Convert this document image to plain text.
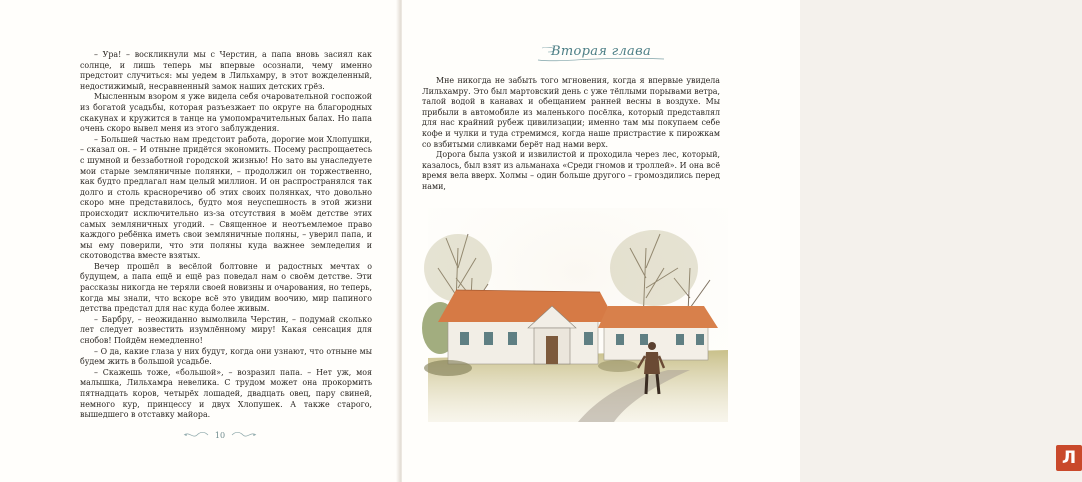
– Ура! – воскликнули мы с Черстин, а папа вновь засиял как солнце, и лишь теперь мы впервые осознали, чему именно предстоит случиться: мы уедем в Лильхамру, в этот вожделенный, недостижимый, несравненный замок наших детских грёз.

Мысленным взором я уже видела себя очаровательной госпожой из богатой усадьбы, которая разъезжает по округе на благородных скакунах и кружится в танце на умопомрачительных балах. Но папа очень скоро вывел меня из этого заблуждения.

– Большей частью нам предстоит работа, дорогие мои Хлопушки, – сказал он. – И отныне придётся экономить. Посему распрощаетесь с шумной и беззаботной городской жизнью! Но зато вы унаследуете мои старые земляничные полянки, – продолжил он торжественно, как будто предлагал нам целый миллион. И он распространялся так долго и столь красноречиво об этих своих полянках, что довольно скоро мне представилось, будто моя неуспешность в этой жизни происходит исключительно из-за отсутствия в моём детстве этих самых земляничных угодий. – Священное и неотъемлемое право каждого ребёнка иметь свои земляничные поляны, – уверил папа, и мы ему поверили, что эти поляны куда важнее земледелия и скотоводства вместе взятых.

Вечер прошёл в весёлой болтовне и радостных мечтах о будущем, а папа ещё и ещё раз поведал нам о своём детстве. Эти рассказы никогда не теряли своей новизны и очарования, но теперь, когда мы знали, что вскоре всё это увидим воочию, мир папиного детства предстал для нас куда более живым.

– Барбру, – неожиданно вымолвила Черстин, – подумай сколько лет следует возвестить изумлённому миру! Какая сенсация для снобов! Пойдём немедленно!

– О да, какие глаза у них будут, когда они узнают, что отныне мы будем жить в большой усадьбе.

– Скажешь тоже, «большой», – возразил папа. – Нет уж, моя малышка, Лильхамра невелика. С трудом может она прокормить пятнадцать коров, четырёх лошадей, двадцать овец, пару свиней, немного кур, принцессу и двух Хлопушек. А также старого, вышедшего в отставку майора.

10
Вторая глава

Мне никогда не забыть того мгновения, когда я впервые увидела Лильхамру. Это был мартовский день с уже тёплыми порывами ветра, талой водой в канавах и обещанием ранней весны в воздухе. Мы прибыли в автомобиле из маленького посёлка, который представлял для нас крайний рубеж цивилизации; именно там мы покупаем себе кофе и чулки и туда стремимся, когда наше пристрастие к пирожкам со взбитыми сливками берёт над нами верх.

Дорога была узкой и извилистой и проходила через лес, который, казалось, был взят из альманаха «Среди гномов и троллей». И она всё время вела вверх. Холмы – один больше другого – громоздились перед нами,

Л
